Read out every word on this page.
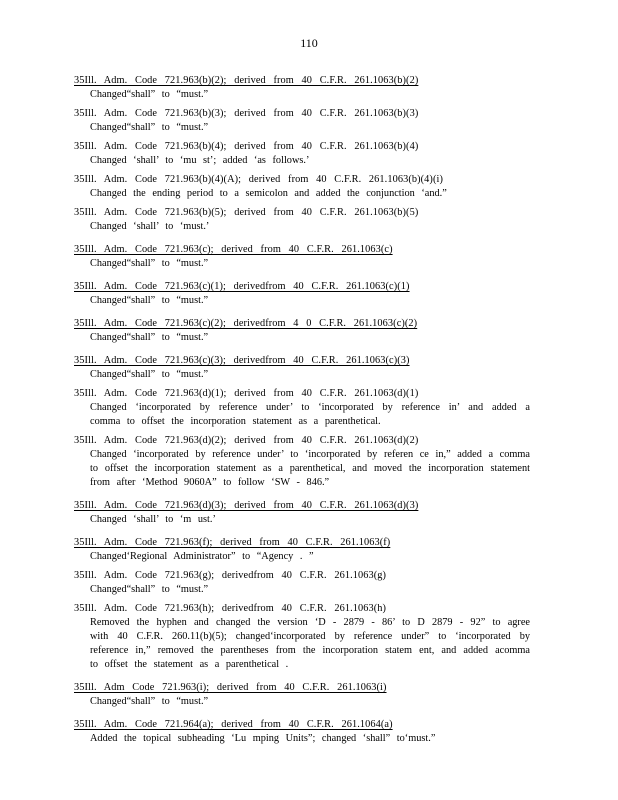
110
35Ill. Adm. Code 721.963(b)(2); derived from 40 C.F.R. 261.1063(b)(2)
Changed“shall” to “must.”
35Ill. Adm. Code 721.963(b)(3); derived from 40 C.F.R. 261.1063(b)(3)
Changed“shall” to “must.”
35Ill. Adm. Code 721.963(b)(4); derived from 40 C.F.R. 261.1063(b)(4)
Changed ‘shall’ to ‘mu st’; added ‘as follows.’
35Ill. Adm. Code 721.963(b)(4)(A); derived from 40 C.F.R. 261.1063(b)(4)(i)
Changed the ending period to a semicolon and added the conjunction ‘and.”
35Ill. Adm. Code 721.963(b)(5); derived from 40 C.F.R. 261.1063(b)(5)
Changed ‘shall’ to ‘must.’
35Ill. Adm. Code 721.963(c); derived from 40 C.F.R. 261.1063(c)
Changed“shall” to “must.”
35Ill. Adm. Code 721.963(c)(1); derivedfrom 40 C.F.R. 261.1063(c)(1)
Changed“shall” to “must.”
35Ill. Adm. Code 721.963(c)(2); derivedfrom 4 0 C.F.R. 261.1063(c)(2)
Changed“shall” to “must.”
35Ill. Adm. Code 721.963(c)(3); derivedfrom 40 C.F.R. 261.1063(c)(3)
Changed“shall” to “must.”
35Ill. Adm. Code 721.963(d)(1); derived from 40 C.F.R. 261.1063(d)(1)
Changed ‘incorporated by reference under’ to ‘incorporated by reference in’ and added a comma to offset the incorporation statement as a parenthetical.
35Ill. Adm. Code 721.963(d)(2); derived from 40 C.F.R. 261.1063(d)(2)
Changed ‘incorporated by reference under’ to ‘incorporated by referen ce in,” added a comma to offset the incorporation statement as a parenthetical, and moved the incorporation statement from after ‘Method 9060A” to follow ‘SW - 846.”
35Ill. Adm. Code 721.963(d)(3); derived from 40 C.F.R. 261.1063(d)(3)
Changed ‘shall’ to ‘m ust.’
35Ill. Adm. Code 721.963(f); derived from 40 C.F.R. 261.1063(f)
Changed‘Regional Administrator” to “Agency . ”
35Ill. Adm. Code 721.963(g); derivedfrom 40 C.F.R. 261.1063(g)
Changed“shall” to “must.”
35Ill. Adm. Code 721.963(h); derivedfrom 40 C.F.R. 261.1063(h)
Removed the hyphen and changed the version ‘D - 2879 - 86’ to D 2879 - 92” to agree with 40 C.F.R. 260.11(b)(5); changed‘incorporated by reference under” to ‘incorporated by reference in,” removed the parentheses from the incorporation statem ent, and added acomma to offset the statement as a parenthetical .
35Ill. Adm Code 721.963(i); derived from 40 C.F.R. 261.1063(i)
Changed“shall” to “must.”
35Ill. Adm. Code 721.964(a); derived from 40 C.F.R. 261.1064(a)
Added the topical subheading ‘Lu mping Units”; changed ‘shall” to‘must.”
